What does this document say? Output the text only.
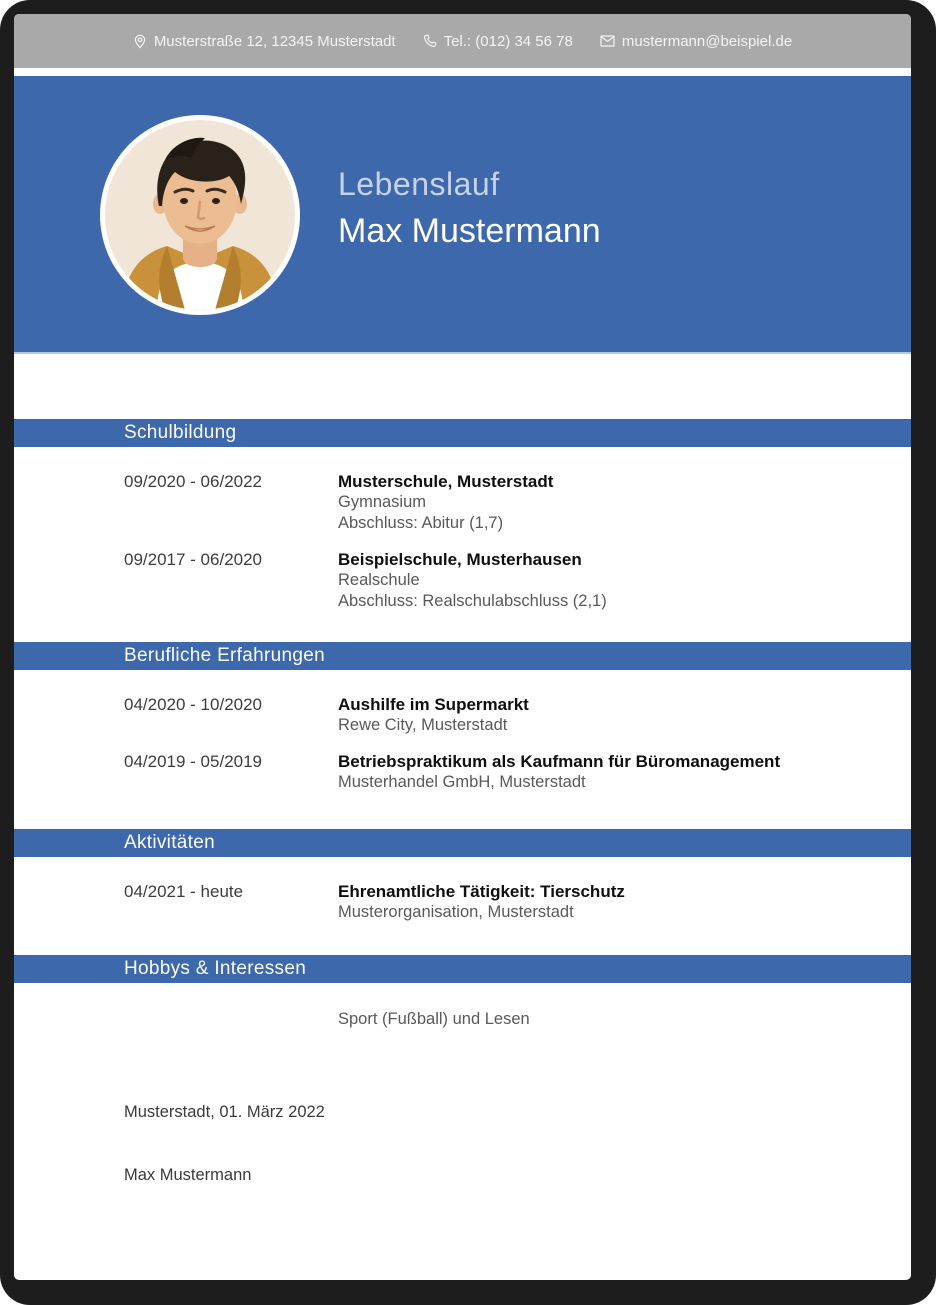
Musterstraße 12, 12345 Musterstadt	Tel.: (012) 34 56 78	mustermann@beispiel.de
Lebenslauf
Max Mustermann
Schulbildung
09/2020 - 06/2022	Musterschule, Musterstadt
Gymnasium
Abschluss: Abitur (1,7)
09/2017 - 06/2020	Beispielschule, Musterhausen
Realschule
Abschluss: Realschulabschluss (2,1)
Berufliche Erfahrungen
04/2020 - 10/2020	Aushilfe im Supermarkt
Rewe City, Musterstadt
04/2019 - 05/2019	Betriebspraktikum als Kaufmann für Büromanagement
Musterhandel GmbH, Musterstadt
Aktivitäten
04/2021 - heute	Ehrenamtliche Tätigkeit: Tierschutz
Musterorganisation, Musterstadt
Hobbys & Interessen
Sport (Fußball) und Lesen
Musterstadt, 01. März 2022
Max Mustermann
